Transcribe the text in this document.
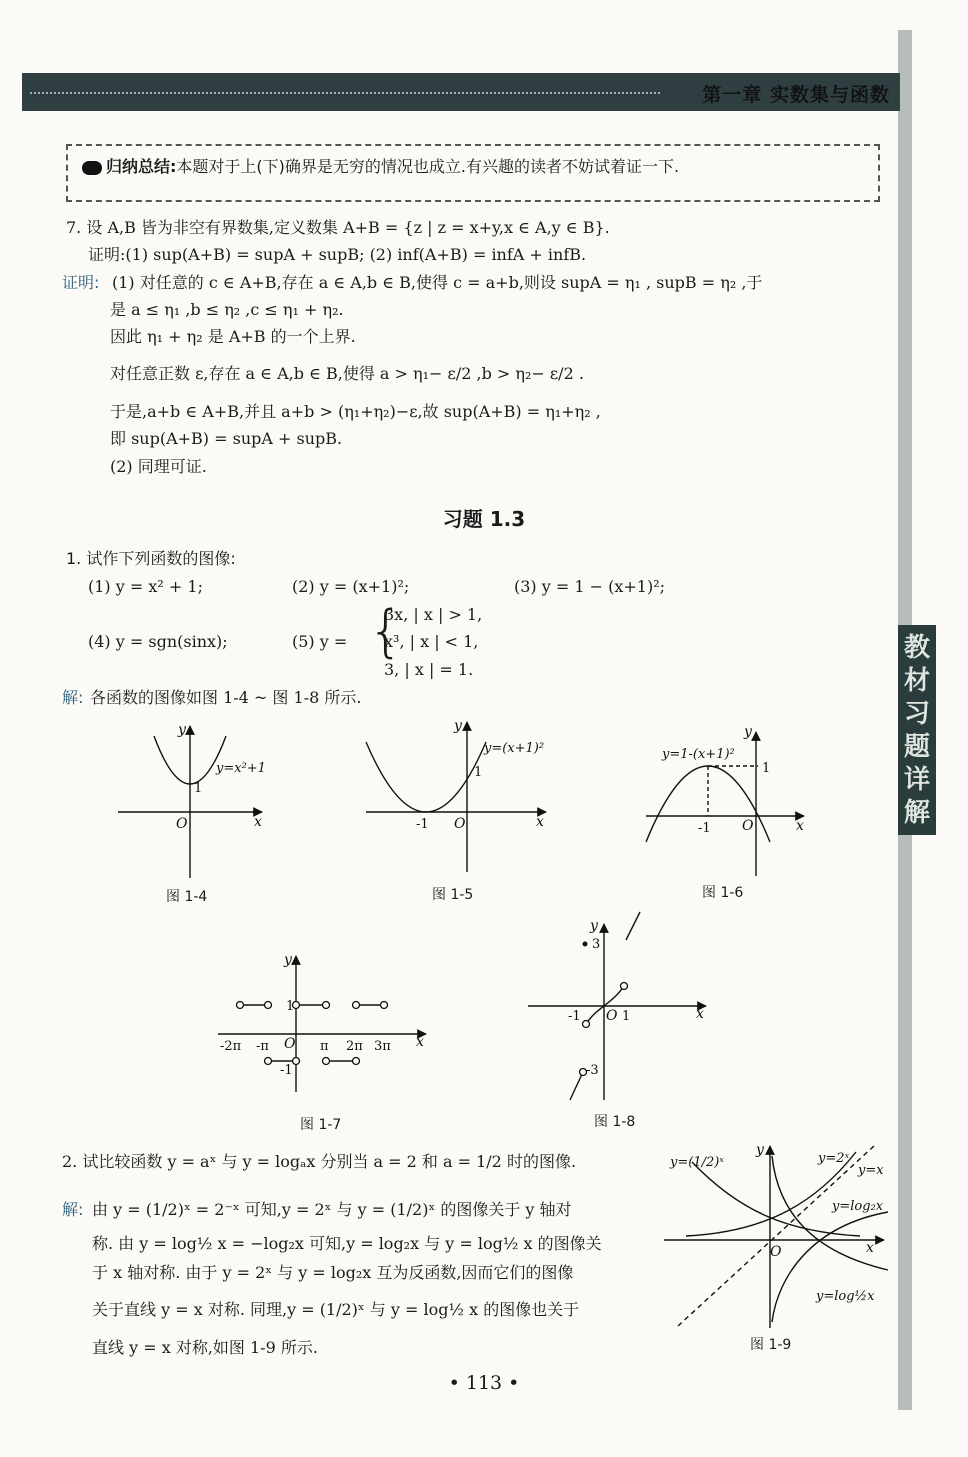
第一章 实数集与函数
教材习题详解
归纳总结:本题对于上(下)确界是无穷的情况也成立.有兴趣的读者不妨试着证一下.
7. 设 A,B 皆为非空有界数集,定义数集 A+B = {z | z = x+y,x ∈ A,y ∈ B}.
证明:(1) sup(A+B) = supA + supB; (2) inf(A+B) = infA + infB.
证明: (1) 对任意的 c ∈ A+B,存在 a ∈ A,b ∈ B,使得 c = a+b,则设 supA = η₁ , supB = η₂ ,于
是 a ≤ η₁ ,b ≤ η₂ ,c ≤ η₁ + η₂.
因此 η₁ + η₂ 是 A+B 的一个上界.
对任意正数 ε,存在 a ∈ A,b ∈ B,使得 a > η₁− ε/2 ,b > η₂− ε/2 .
于是,a+b ∈ A+B,并且 a+b > (η₁+η₂)−ε,故 sup(A+B) = η₁+η₂ ,
即 sup(A+B) = supA + supB.
(2) 同理可证.
习题 1.3
1. 试作下列函数的图像:
(1) y = x² + 1;	(2) y = (x+1)²;	(3) y = 1 − (x+1)²;
(4) y = sgn(sinx);	(5) y = {
3x, | x | > 1,
x³, | x | < 1,
3, | x | = 1.
解: 各函数的图像如图 1-4 ~ 图 1-8 所示.
y
x
O
y=x²+1
1
y
x
O
y=(x+1)²
1
-1
y
x
O
y=1-(x+1)²
1
-1
y
x
O
1
-1
-2π -π	π 2π 3π
y
x
O
3
-3
-1	1
y
x
O
y=(1/2)ˣ	y=2ˣ
y=x
y=log₂x
y=log½x
图 1-4	图 1-5	图 1-6
图 1-7	图 1-8
图 1-9
2. 试比较函数 y = aˣ 与 y = logₐx 分别当 a = 2 和 a = 1/2 时的图像.
解: 由 y = (1/2)ˣ = 2⁻ˣ 可知,y = 2ˣ 与 y = (1/2)ˣ 的图像关于 y 轴对
称. 由 y = log½ x = −log₂x 可知,y = log₂x 与 y = log½ x 的图像关
于 x 轴对称. 由于 y = 2ˣ 与 y = log₂x 互为反函数,因而它们的图像
关于直线 y = x 对称. 同理,y = (1/2)ˣ 与 y = log½ x 的图像也关于
直线 y = x 对称,如图 1-9 所示.
• 113 •
